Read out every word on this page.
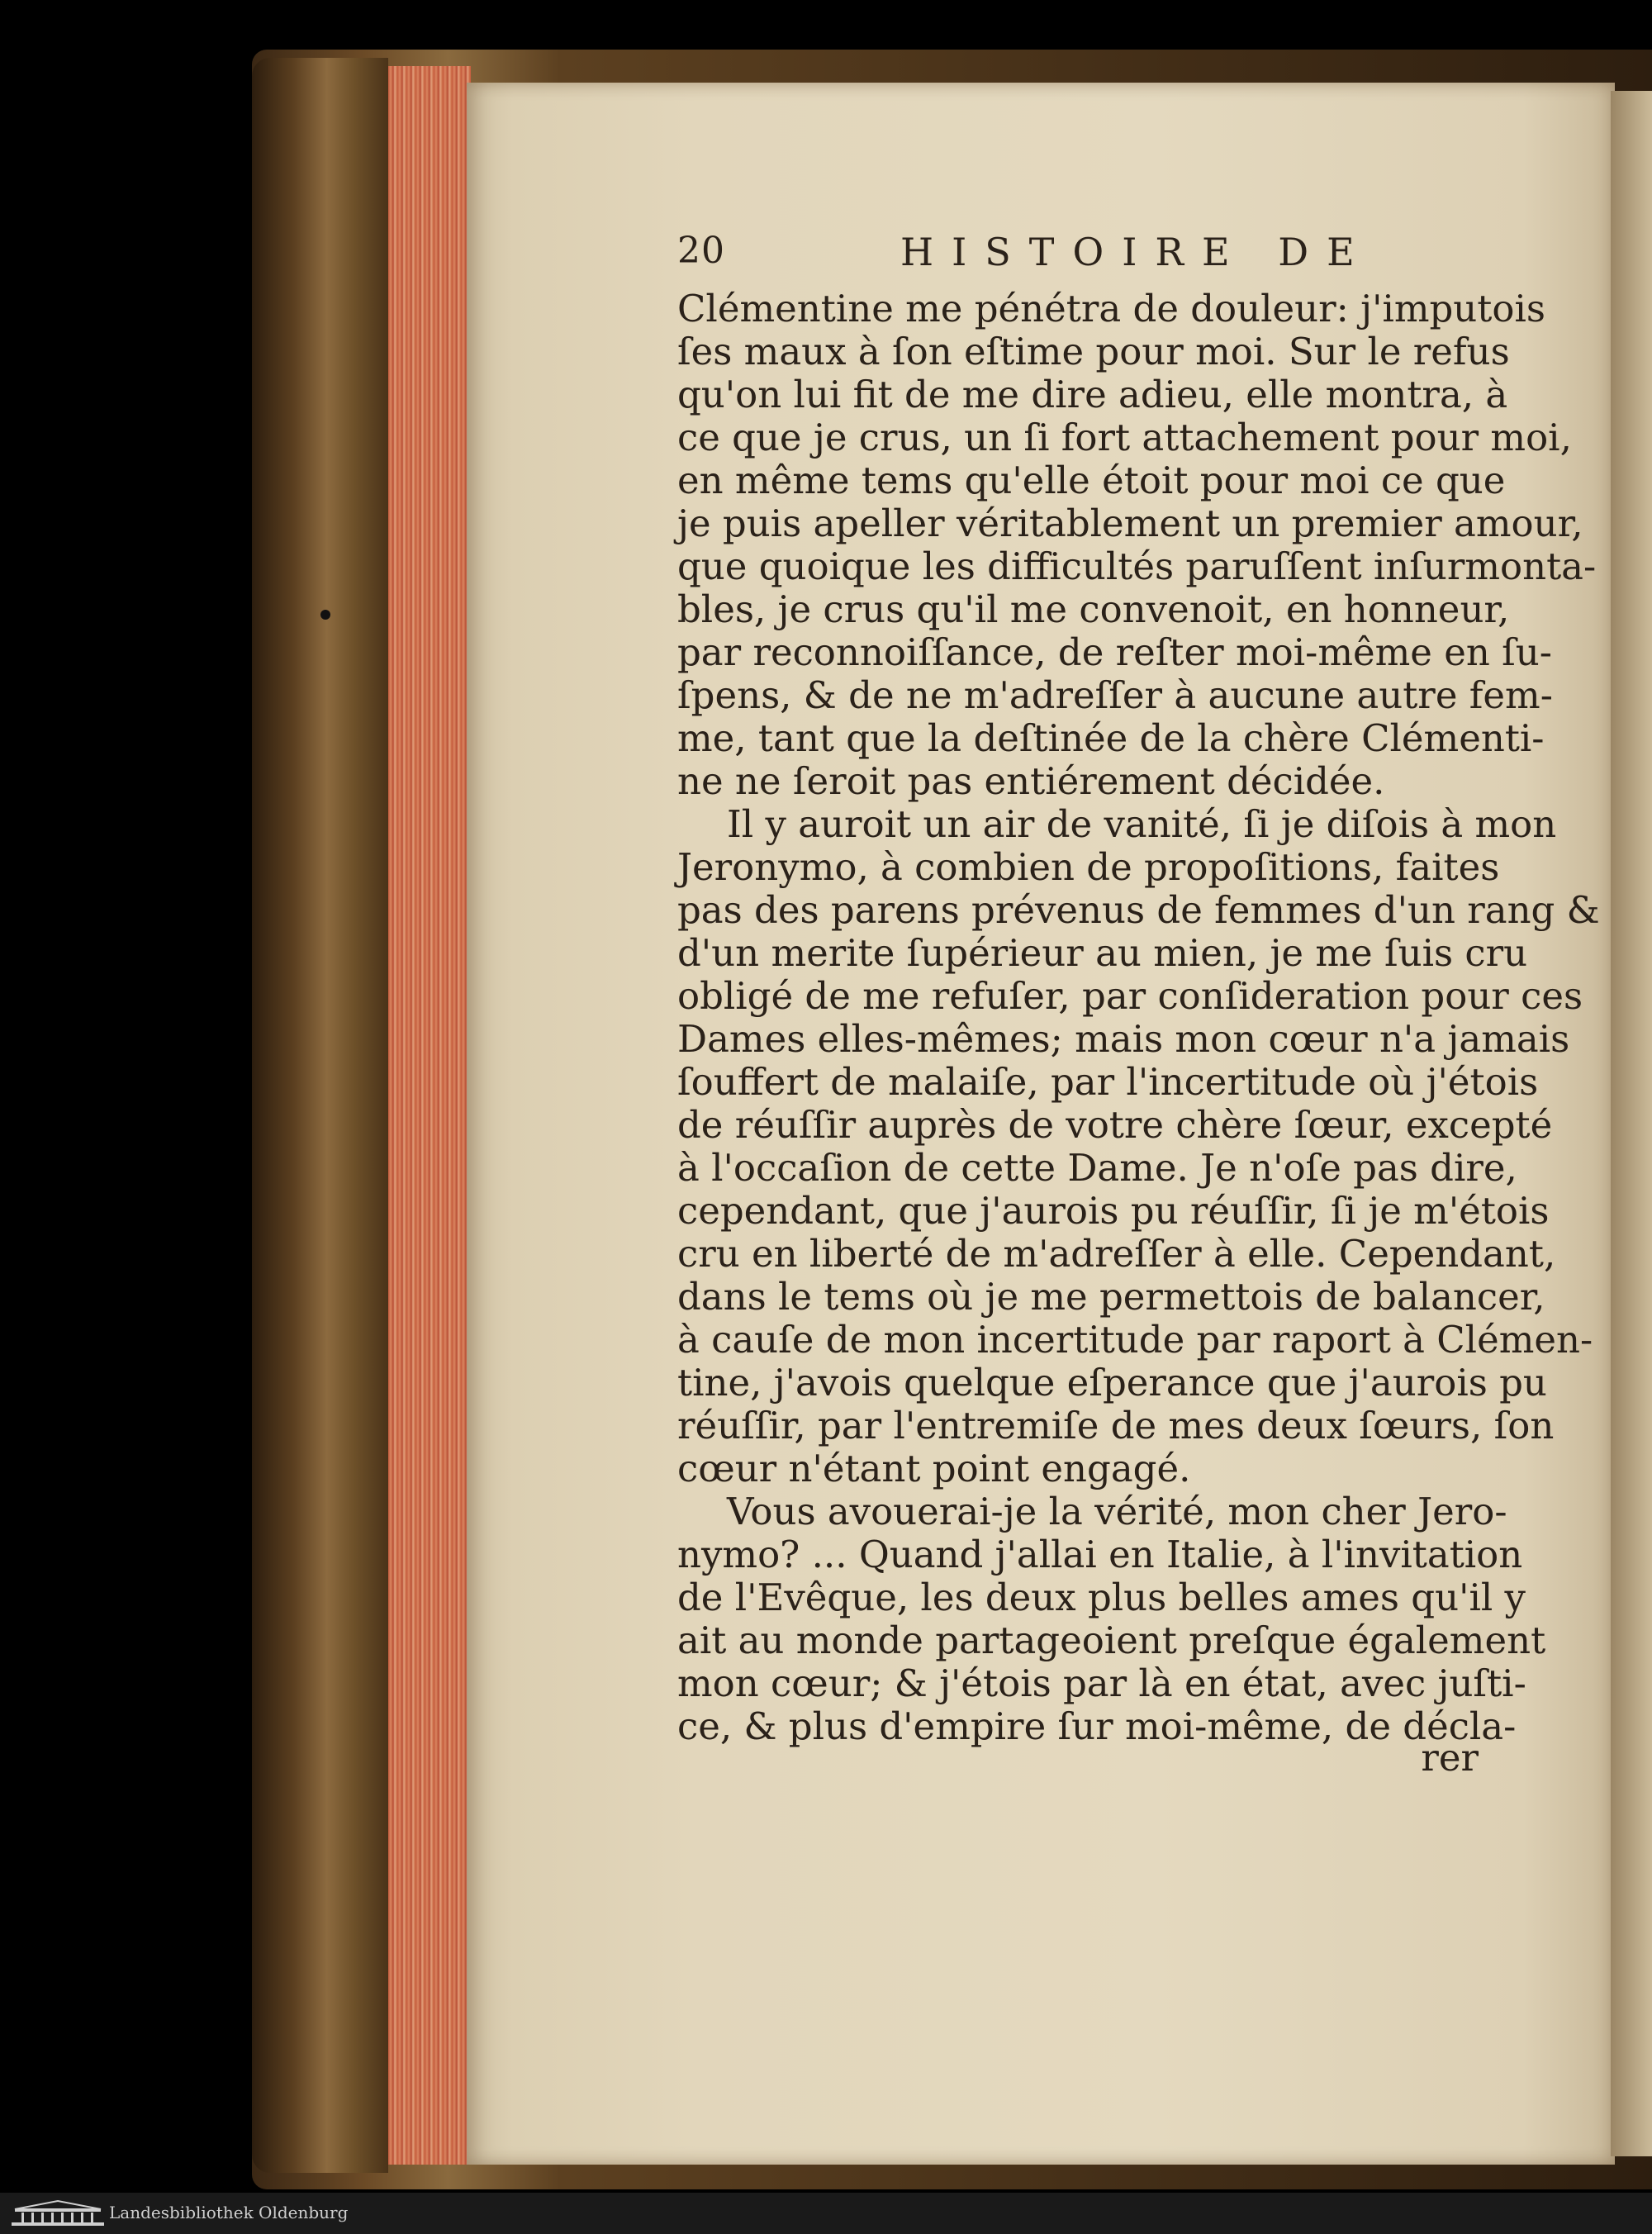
20	HISTOIRE DE
Clémentine me pénétra de douleur: j'imputois
ſes maux à ſon eſtime pour moi. Sur le refus
qu'on lui fit de me dire adieu, elle montra, à
ce que je crus, un ſi fort attachement pour moi,
en même tems qu'elle étoit pour moi ce que
je puis apeller véritablement un premier amour,
que quoique les difficultés paruſſent inſurmonta-
bles, je crus qu'il me convenoit, en honneur,
par reconnoiſſance, de reſter moi-même en ſu-
ſpens, & de ne m'adreſſer à aucune autre fem-
me, tant que la deſtinée de la chère Clémenti-
ne ne ſeroit pas entiérement décidée.
Il y auroit un air de vanité, ſi je diſois à mon
Jeronymo, à combien de propoſitions, faites
pas des parens prévenus de femmes d'un rang &
d'un merite ſupérieur au mien, je me ſuis cru
obligé de me refuſer, par conſideration pour ces
Dames elles-mêmes; mais mon cœur n'a jamais
ſouffert de malaiſe, par l'incertitude où j'étois
de réuſſir auprès de votre chère ſœur, excepté
à l'occaſion de cette Dame. Je n'oſe pas dire,
cependant, que j'aurois pu réuſſir, ſi je m'étois
cru en liberté de m'adreſſer à elle. Cependant,
dans le tems où je me permettois de balancer,
à cauſe de mon incertitude par raport à Clémen-
tine, j'avois quelque eſperance que j'aurois pu
réuſſir, par l'entremiſe de mes deux ſœurs, ſon
cœur n'étant point engagé.
Vous avouerai-je la vérité, mon cher Jero-
nymo? ... Quand j'allai en Italie, à l'invitation
de l'Evêque, les deux plus belles ames qu'il y
ait au monde partageoient preſque également
mon cœur; & j'étois par là en état, avec juſti-
ce, & plus d'empire ſur moi-même, de décla-
rer
Landesbibliothek Oldenburg
